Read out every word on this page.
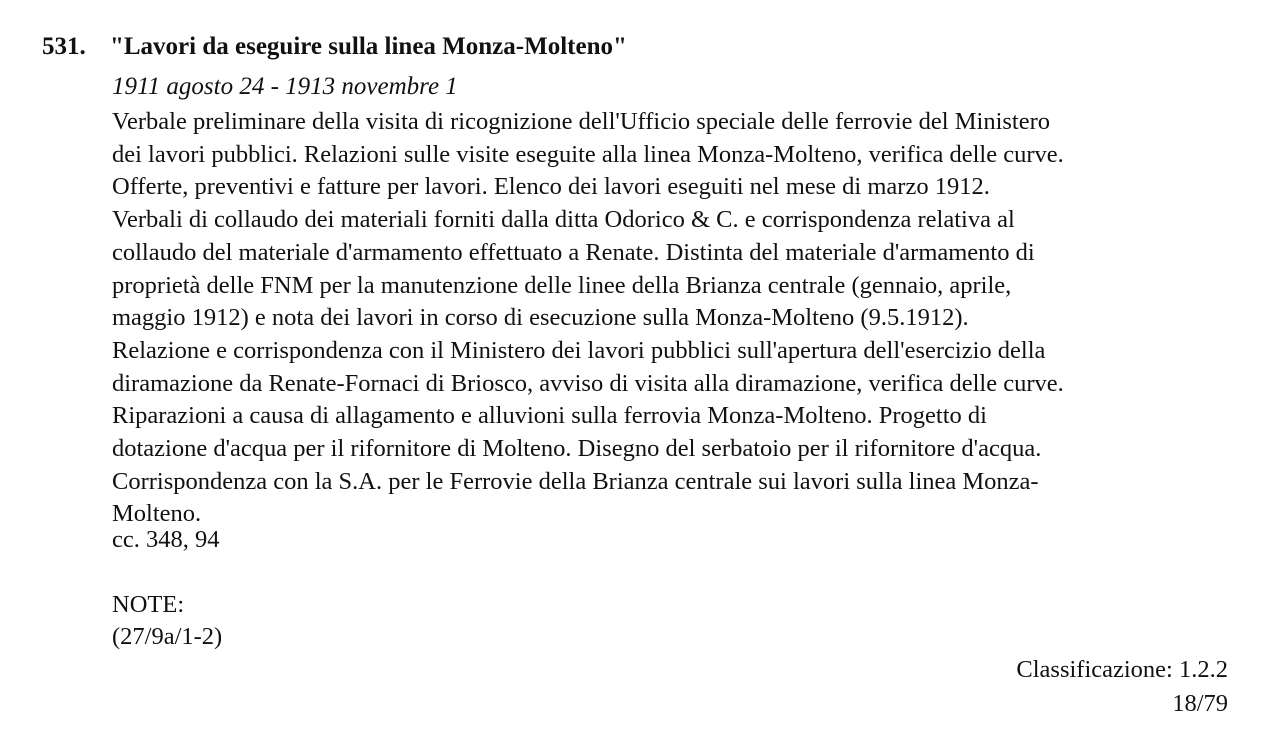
531. "Lavori da eseguire sulla linea Monza-Molteno"
1911 agosto 24 - 1913 novembre 1
Verbale preliminare della visita di ricognizione dell'Ufficio speciale delle ferrovie del Ministero
dei lavori pubblici. Relazioni sulle visite eseguite alla linea Monza-Molteno, verifica delle curve.
Offerte, preventivi e fatture per lavori. Elenco dei lavori eseguiti nel mese di marzo 1912.
Verbali di collaudo dei materiali forniti dalla ditta Odorico & C. e corrispondenza relativa al
collaudo del materiale d'armamento effettuato a Renate. Distinta del materiale d'armamento di
proprietà delle FNM per la manutenzione delle linee della Brianza centrale (gennaio, aprile,
maggio 1912) e nota dei lavori in corso di esecuzione sulla Monza-Molteno (9.5.1912).
Relazione e corrispondenza con il Ministero dei lavori pubblici sull'apertura dell'esercizio della
diramazione da Renate-Fornaci di Briosco, avviso di visita alla diramazione, verifica delle curve.
Riparazioni a causa di allagamento e alluvioni sulla ferrovia Monza-Molteno. Progetto di
dotazione d'acqua per il rifornitore di Molteno. Disegno del serbatoio per il rifornitore d'acqua.
Corrispondenza con la S.A. per le Ferrovie della Brianza centrale sui lavori sulla linea Monza-
Molteno.
cc. 348, 94
NOTE:
(27/9a/1-2)
Classificazione: 1.2.2
18/79
